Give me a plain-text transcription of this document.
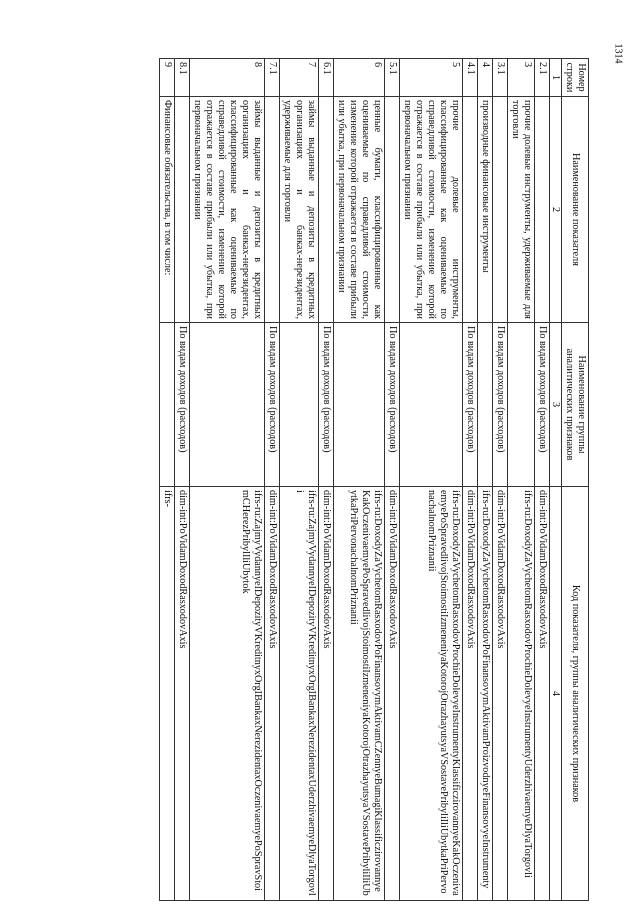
1314
Номер строки	Наименование показателя	Наименование группы аналитических признаков	Код показателя, группы аналитических признаков
1	2	3	4
2.1		По видам доходов (расходов)	dim-int:PoVidamDoxodRasxodovAxis
3	прочие долевые инструменты, удерживаемые для торговли		ifrs-ru:DoxodyZaVychetomRasxodovProchieDolevyeInstrumentyUderzhivaemyeDlyaTorgovli
3.1		По видам доходов (расходов)	dim-int:PoVidamDoxodRasxodovAxis
4	производные финансовые инструменты		ifrs-ru:DoxodyZaVychetomRasxodovPoFinansovymAktivamProizvodnyeFinansovyeInstrumenty
4.1		По видам доходов (расходов)	dim-int:PoVidamDoxodRasxodovAxis
5	прочие долевые инструменты, классифицированные как оцениваемые по справедливой стоимости, изменение которой отражается в составе прибыли или убытка, при первоначальном признании		ifrs-ru:DoxodyZaVychetomRasxodovProchieDolevyeInstrumentyKlassificzirovannyeKakOczenivaemyePoSpravedlivojStoimostiIzmeneniyaKotorojOtrazhayutsyaVSostavePribyliIliUbytkaPriPervonachalnomPriznanii
5.1		По видам доходов (расходов)	dim-int:PoVidamDoxodRasxodovAxis
6	ценные бумаги, классифицированные как оцениваемые по справедливой стоимости, изменение которой отражается в составе прибыли или убытка, при первоначальном признании		ifrs-ru:DoxodyZaVychetomRasxodovPoFinansovymAktivamCZennyeBumagiKlassificzirovannyeKakOczenivaemyePoSpravedlivojStoimostiIzmeneniyaKotorojOtrazhayutsyaVSostavePribyliIliUbytkaPriPervonachalnomPriznanii
6.1		По видам доходов (расходов)	dim-int:PoVidamDoxodRasxodovAxis
7	займы выданные и депозиты в кредитных организациях и банках-нерезидентах, удерживаемые для торговли		ifrs-ru:ZajmyVydannyeIDepozityVKreditnyxOrgIBankaxNerezidentaxUderzhivaemyeDlyaTorgovli
7.1		По видам доходов (расходов)	dim-int:PoVidamDoxodRasxodovAxis
8	займы выданные и депозиты в кредитных организациях и банках-нерезидентах, классифицированные как оцениваемые по справедливой стоимости, изменение которой отражается в составе прибыли или убытка, при первоначальном признании		ifrs-ru:ZajmyVydannyeIDepozityVKreditnyxOrgIBankaxNerezidentaxOczenivaemyePoSpravStoimCHerezPribylIliUbytok
8.1		По видам доходов (расходов)	dim-int:PoVidamDoxodRasxodovAxis
9	Финансовые обязательства, в том числе:		ifrs-
